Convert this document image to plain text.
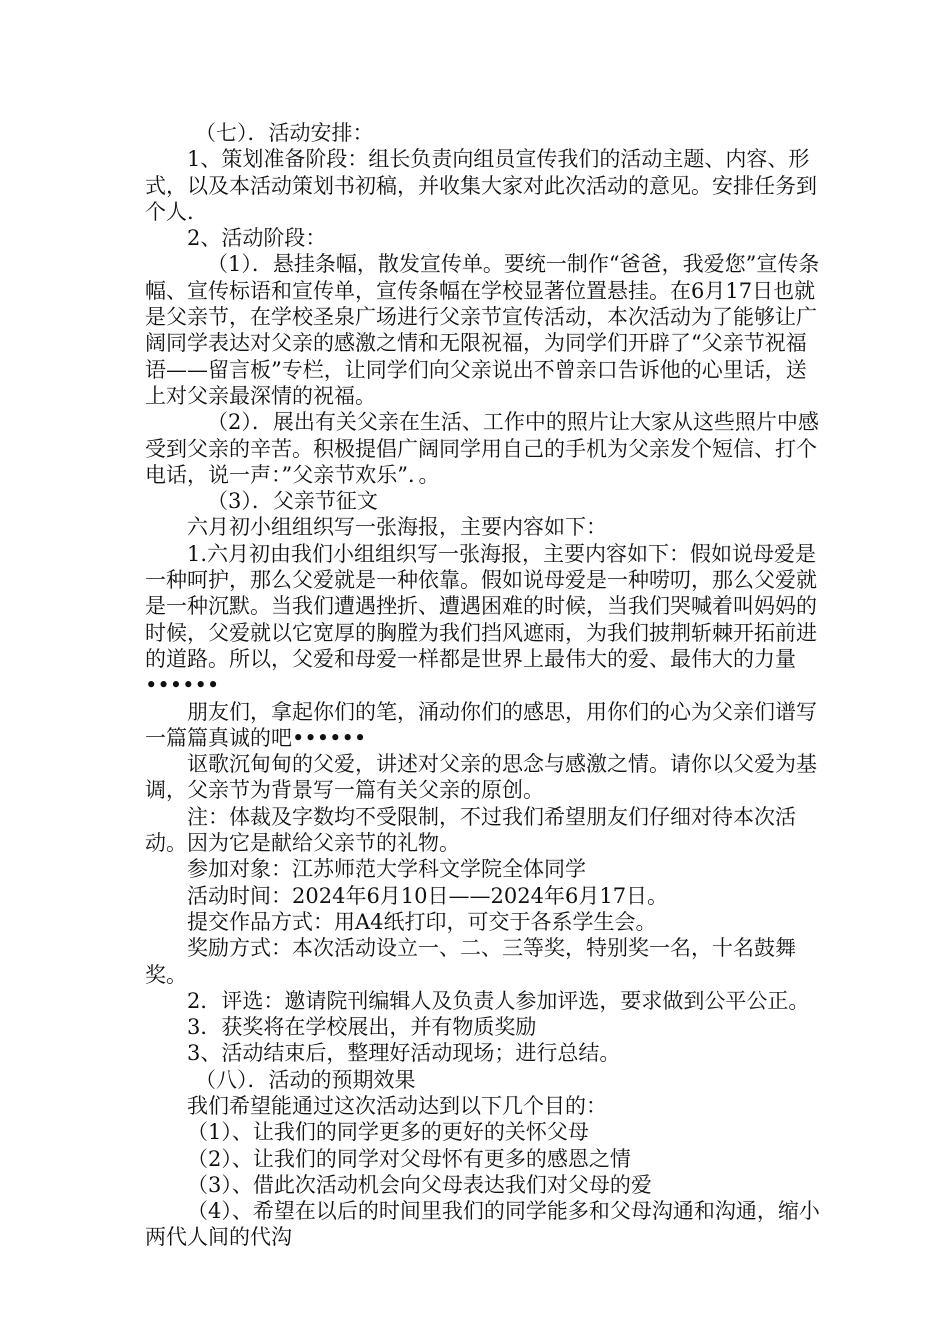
（七）．活动安排：

1、策划准备阶段：组长负责向组员宣传我们的活动主题、内容、形式，以及本活动策划书初稿，并收集大家对此次活动的意见。安排任务到个人.

2、活动阶段：

（1）．悬挂条幅，散发宣传单。要统一制作“爸爸，我爱您”宣传条幅、宣传标语和宣传单，宣传条幅在学校显著位置悬挂。在6月17日也就是父亲节，在学校圣泉广场进行父亲节宣传活动，本次活动为了能够让广阔同学表达对父亲的感激之情和无限祝福，为同学们开辟了“父亲节祝福语——留言板”专栏，让同学们向父亲说出不曾亲口告诉他的心里话，送上对父亲最深情的祝福。

（2）．展出有关父亲在生活、工作中的照片让大家从这些照片中感受到父亲的辛苦。积极提倡广阔同学用自己的手机为父亲发个短信、打个电话，说一声：”父亲节欢乐”．。

（3）．父亲节征文

六月初小组组织写一张海报，主要内容如下：

1.六月初由我们小组组织写一张海报，主要内容如下：假如说母爱是一种呵护，那么父爱就是一种依靠。假如说母爱是一种唠叨，那么父爱就是一种沉默。当我们遭遇挫折、遭遇困难的时候，当我们哭喊着叫妈妈的时候，父爱就以它宽厚的胸膛为我们挡风遮雨，为我们披荆斩棘开拓前进的道路。所以，父爱和母爱一样都是世界上最伟大的爱、最伟大的力量••••••

朋友们，拿起你们的笔，涌动你们的感思，用你们的心为父亲们谱写一篇篇真诚的吧••••••

讴歌沉甸甸的父爱，讲述对父亲的思念与感激之情。请你以父爱为基调，父亲节为背景写一篇有关父亲的原创。

注：体裁及字数均不受限制，不过我们希望朋友们仔细对待本次活动。因为它是献给父亲节的礼物。

参加对象：江苏师范大学科文学院全体同学

活动时间：2024年6月10日——2024年6月17日。

提交作品方式：用A4纸打印，可交于各系学生会。

奖励方式：本次活动设立一、二、三等奖，特别奖一名，十名鼓舞奖。

2．评选：邀请院刊编辑人及负责人参加评选，要求做到公平公正。

3．获奖将在学校展出，并有物质奖励

3、活动结束后，整理好活动现场；进行总结。

（八）．活动的预期效果

我们希望能通过这次活动达到以下几个目的：

（1）、让我们的同学更多的更好的关怀父母

（2）、让我们的同学对父母怀有更多的感恩之情

（3）、借此次活动机会向父母表达我们对父母的爱

（4）、希望在以后的时间里我们的同学能多和父母沟通和沟通，缩小两代人间的代沟
